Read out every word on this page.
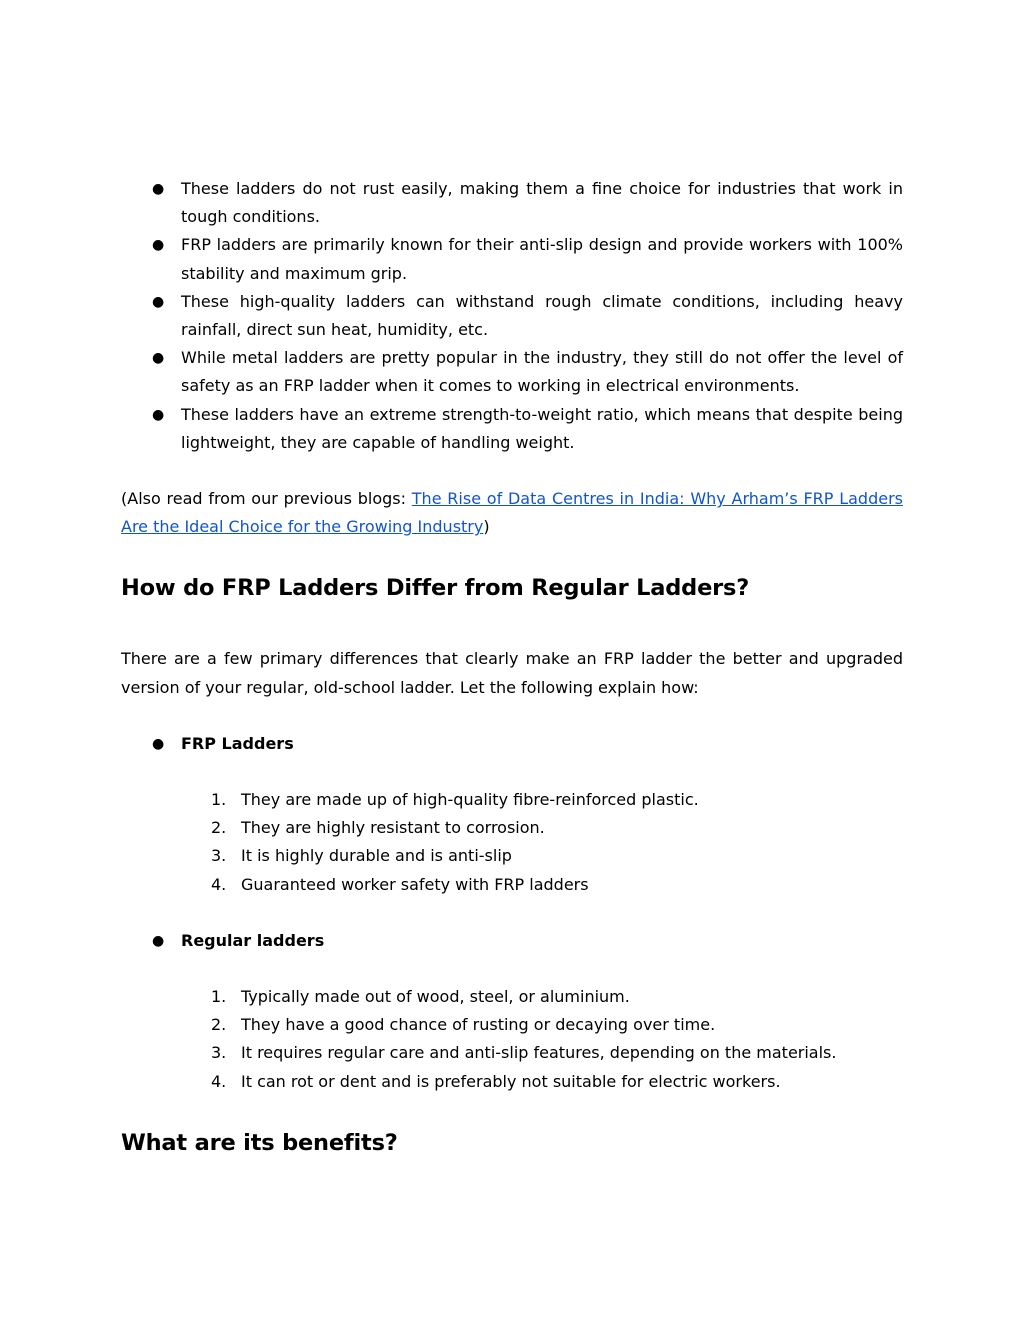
● These ladders do not rust easily, making them a fine choice for industries that work in tough conditions.
● FRP ladders are primarily known for their anti-slip design and provide workers with 100% stability and maximum grip.
● These high-quality ladders can withstand rough climate conditions, including heavy rainfall, direct sun heat, humidity, etc.
● While metal ladders are pretty popular in the industry, they still do not offer the level of safety as an FRP ladder when it comes to working in electrical environments.
● These ladders have an extreme strength-to-weight ratio, which means that despite being lightweight, they are capable of handling weight.

(Also read from our previous blogs: The Rise of Data Centres in India: Why Arham’s FRP Ladders Are the Ideal Choice for the Growing Industry)

How do FRP Ladders Differ from Regular Ladders?

There are a few primary differences that clearly make an FRP ladder the better and upgraded version of your regular, old-school ladder. Let the following explain how:

● FRP Ladders
1. They are made up of high-quality fibre-reinforced plastic.
2. They are highly resistant to corrosion.
3. It is highly durable and is anti-slip
4. Guaranteed worker safety with FRP ladders
● Regular ladders
1. Typically made out of wood, steel, or aluminium.
2. They have a good chance of rusting or decaying over time.
3. It requires regular care and anti-slip features, depending on the materials.
4. It can rot or dent and is preferably not suitable for electric workers.
What are its benefits?
